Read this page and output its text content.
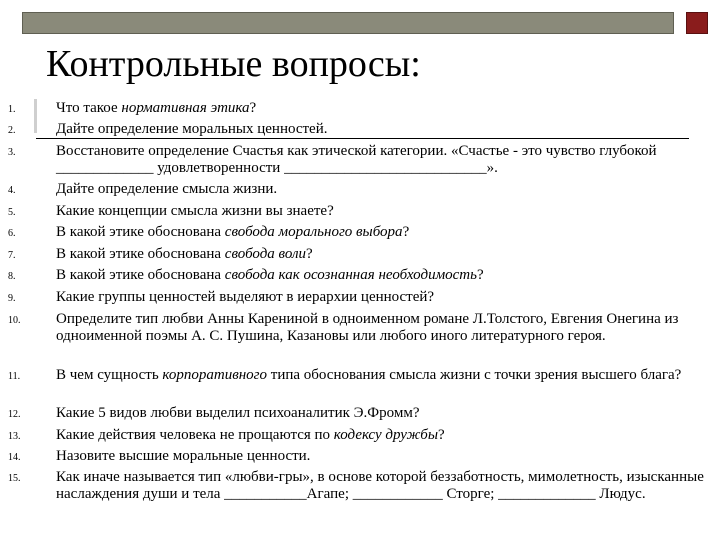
Контрольные вопросы:
1.	Что такое нормативная этика?
2.	Дайте определение моральных ценностей.
3.	Восстановите определение Счастья как этической категории. «Счастье - это чувство глубокой _____________ удовлетворенности ___________________________».
4.	Дайте определение смысла жизни.
5.	Какие концепции смысла жизни вы знаете?
6.	В какой этике обоснована свобода морального выбора?
7.	В какой этике обоснована свобода воли?
8.	В какой этике обоснована свобода как осознанная необходимость?
9.	Какие группы ценностей выделяют в иерархии ценностей?
10.	Определите тип любви Анны Карениной в одноименном романе Л.Толстого, Евгения Онегина из одноименной поэмы А. С. Пушина, Казановы или любого иного литературного героя.
11.	В чем сущность корпоративного типа обоснования смысла жизни с точки зрения высшего блага?
12.	Какие 5 видов любви выделил психоаналитик Э.Фромм?
13.	Какие действия человека не прощаются по кодексу дружбы?
14.	Назовите высшие моральные ценности.
15.	Как иначе называется тип «любви-гры», в основе которой беззаботность, мимолетность, изысканные наслаждения души и тела ___________Агапе; ____________ Сторге; _____________ Людус.
